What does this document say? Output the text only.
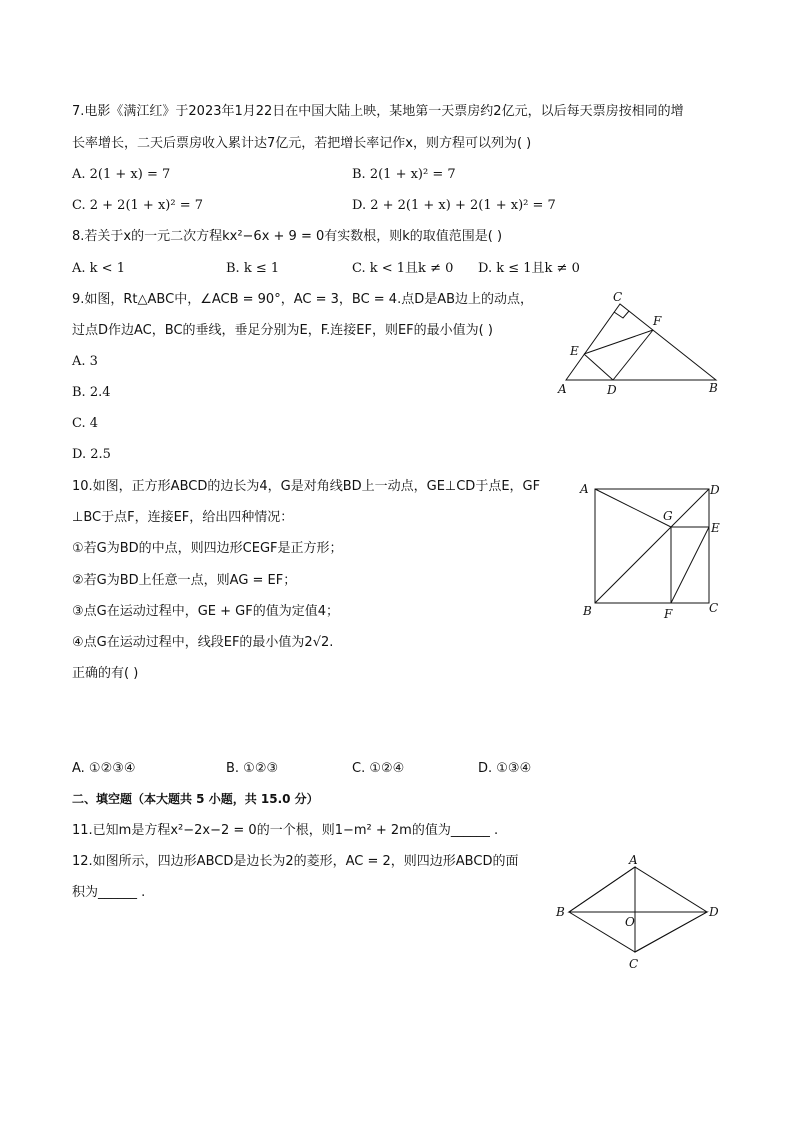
7.电影《满江红》于2023年1月22日在中国大陆上映，某地第一天票房约2亿元，以后每天票房按相同的增
长率增长，二天后票房收入累计达7亿元，若把增长率记作x，则方程可以列为( )
A. 2(1 + x) = 7	B. 2(1 + x)² = 7
C. 2 + 2(1 + x)² = 7	D. 2 + 2(1 + x) + 2(1 + x)² = 7
8.若关于x的一元二次方程kx²−6x + 9 = 0有实数根，则k的取值范围是( )
A. k < 1	B. k ≤ 1	C. k < 1且k ≠ 0 D. k ≤ 1且k ≠ 0
9.如图，Rt△ABC中，∠ACB = 90°，AC = 3，BC = 4.点D是AB边上的动点，
过点D作边AC，BC的垂线，垂足分别为E，F.连接EF，则EF的最小值为( )
A. 3
B. 2.4
C. 4
D. 2.5
C
F
E
A	D	B
10.如图，正方形ABCD的边长为4，G是对角线BD上一动点，GE⊥CD于点E，GF
⊥BC于点F，连接EF，给出四种情况：
①若G为BD的中点，则四边形CEGF是正方形；
②若G为BD上任意一点，则AG = EF；
③点G在运动过程中，GE + GF的值为定值4；
④点G在运动过程中，线段EF的最小值为2√2.
正确的有( )
A	D
G
E
B	F	C
A. ①②③④	B. ①②③	C. ①②④	D. ①③④
二、填空题（本大题共 5 小题，共 15.0 分）
11.已知m是方程x²−2x−2 = 0的一个根，则1−m² + 2m的值为______ .
12.如图所示，四边形ABCD是边长为2的菱形，AC = 2，则四边形ABCD的面
积为______ .
A
B
O
D
C
